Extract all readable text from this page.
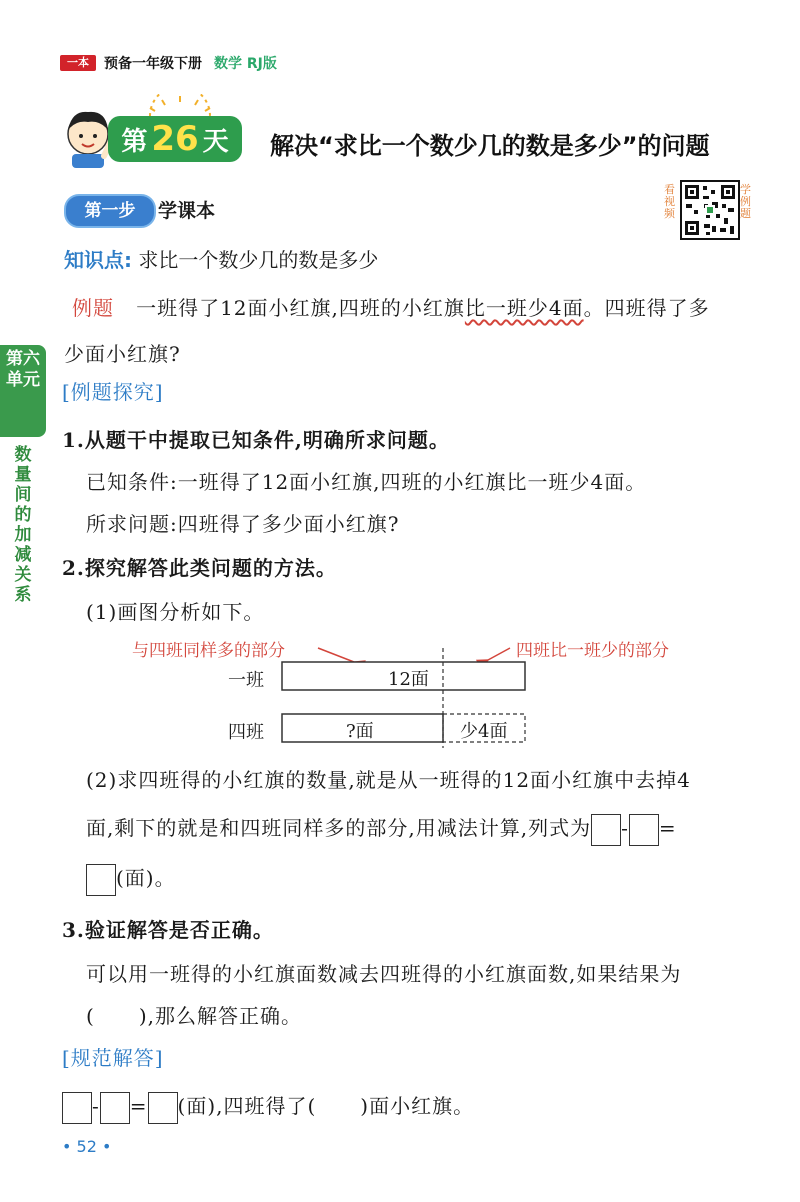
一本	预备一年级下册 数学 RJ版
第 26 天 解决“求比一个数少几的数是多少”的问题
第一步	学课本
看视频
学例题
第六单元
数量间的加减关系
知识点: 求比一个数少几的数是多少
例题 一班得了12面小红旗,四班的小红旗比一班少4面。四班得了多
少面小红旗?
[例题探究]
1.从题干中提取已知条件,明确所求问题。
已知条件:一班得了12面小红旗,四班的小红旗比一班少4面。
所求问题:四班得了多少面小红旗?
2.探究解答此类问题的方法。
(1)画图分析如下。
与四班同样多的部分	四班比一班少的部分
一班	12面
四班	?面	少4面
(2)求四班得的小红旗的数量,就是从一班得的12面小红旗中去掉4
面,剩下的就是和四班同样多的部分,用减法计算,列式为 - =
(面)。
3.验证解答是否正确。
可以用一班得的小红旗面数减去四班得的小红旗面数,如果结果为
( ),那么解答正确。
[规范解答]
- = (面),四班得了( )面小红旗。
• 52 •
